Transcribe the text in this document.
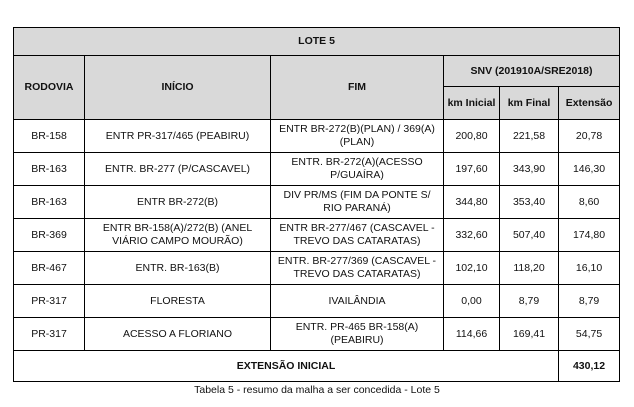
LOTE 5					
RODOVIA	INÍCIO	FIM	SNV (201910A/SRE2018)		
			km Inicial	km Final	Extensão
BR-158	ENTR PR-317/465 (PEABIRU)	ENTR BR-272(B)(PLAN) / 369(A)(PLAN)	200,80	221,58	20,78
BR-163	ENTR. BR-277 (P/CASCAVEL)	ENTR. BR-272(A)(ACESSO P/GUAÍRA)	197,60	343,90	146,30
BR-163	ENTR BR-272(B)	DIV PR/MS (FIM DA PONTE S/ RIO PARANÁ)	344,80	353,40	8,60
BR-369	ENTR BR-158(A)/272(B) (ANEL VIÁRIO CAMPO MOURÃO)	ENTR BR-277/467 (CASCAVEL - TREVO DAS CATARATAS)	332,60	507,40	174,80
BR-467	ENTR. BR-163(B)	ENTR. BR-277/369 (CASCAVEL - TREVO DAS CATARATAS)	102,10	118,20	16,10
PR-317	FLORESTA	IVAILÂNDIA	0,00	8,79	8,79
PR-317	ACESSO A FLORIANO	ENTR. PR-465 BR-158(A) (PEABIRU)	114,66	169,41	54,75
EXTENSÃO INICIAL					430,12
Tabela 5 - resumo da malha a ser concedida - Lote 5
